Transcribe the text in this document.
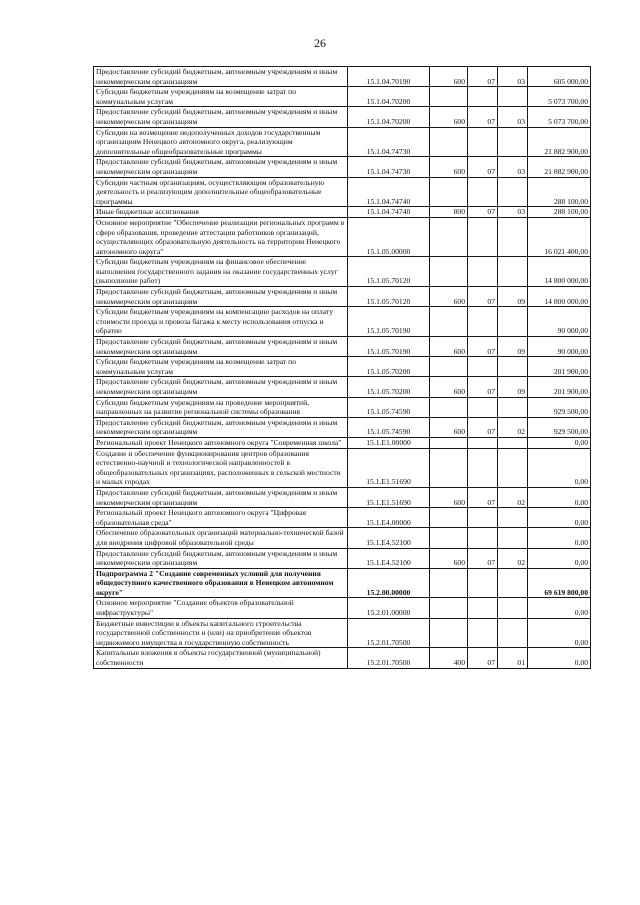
26
Предоставление субсидий бюджетным, автономным учреждениям и иным некоммерческим организациям	15.1.04.70190	600	07	03	605 000,00
Субсидии бюджетным учреждениям на возмещение затрат по коммунальным услугам	15.1.04.70200				5 073 700,00
Предоставление субсидий бюджетным, автономным учреждениям и иным некоммерческим организациям	15.1.04.70200	600	07	03	5 073 700,00
Субсидии на возмещение недополученных доходов государственным организациям Ненецкого автономного округа, реализующим дополнительные общеобразовательные программы	15.1.04.74730				21 882 900,00
Предоставление субсидий бюджетным, автономным учреждениям и иным некоммерческим организациям	15.1.04.74730	600	07	03	21 882 900,00
Субсидии частным организациям, осуществляющим образовательную деятельность и реализующим дополнительные общеобразовательные программы	15.1.04.74740				288 100,00
Иные бюджетные ассигнования	15.1.04.74740	800	07	03	288 100,00
Основное мероприятие "Обеспечение реализации региональных программ в сфере образования, проведение аттестации работников организаций, осуществляющих образовательную деятельность на территории Ненецкого автономного округа"	15.1.05.00000				16 021 400,00
Субсидии бюджетным учреждениям на финансовое обеспечение выполнения государственного задания на оказание государственных услуг (выполнение работ)	15.1.05.70120				14 800 000,00
Предоставление субсидий бюджетным, автономным учреждениям и иным некоммерческим организациям	15.1.05.70120	600	07	09	14 800 000,00
Субсидии бюджетным учреждениям на компенсацию расходов на оплату стоимости проезда и провоза багажа к месту использования отпуска и обратно	15.1.05.70190				90 000,00
Предоставление субсидий бюджетным, автономным учреждениям и иным некоммерческим организациям	15.1.05.70190	600	07	09	90 000,00
Субсидии бюджетным учреждениям на возмещение затрат по коммунальным услугам	15.1.05.70200				201 900,00
Предоставление субсидий бюджетным, автономным учреждениям и иным некоммерческим организациям	15.1.05.70200	600	07	09	201 900,00
Субсидии бюджетным учреждениям на проведение мероприятий, направленных на развитие региональной системы образования	15.1.05.74590				929 500,00
Предоставление субсидий бюджетным, автономным учреждениям и иным некоммерческим организациям	15.1.05.74590	600	07	02	929 500,00
Региональный проект Ненецкого автономного округа "Современная школа"	15.1.E1.00000				0,00
Создание и обеспечение функционирования центров образования естественно-научной и технологической направленностей в общеобразовательных организациях, расположенных в сельской местности и малых городах	15.1.E1.51690				0,00
Предоставление субсидий бюджетным, автономным учреждениям и иным некоммерческим организациям	15.1.E1.51690	600	07	02	0,00
Региональный проект Ненецкого автономного округа "Цифровая образовательная среда"	15.1.E4.00000				0,00
Обеспечение образовательных организаций материально-технической базой для внедрения цифровой образовательной среды	15.1.E4.52100				0,00
Предоставление субсидий бюджетным, автономным учреждениям и иным некоммерческим организациям	15.1.E4.52100	600	07	02	0,00
Подпрограмма 2 "Создание современных условий для получения общедоступного качественного образования в Ненецком автономном округе"	15.2.00.00000				69 619 800,00
Основное мероприятие "Создание объектов образовательной инфраструктуры"	15.2.01.00000				0,00
Бюджетные инвестиции в объекты капитального строительства государственной собственности и (или) на приобретение объектов недвижимого имущества в государственную собственность	15.2.01.70500				0,00
Капитальные вложения в объекты государственной (муниципальной) собственности	15.2.01.70500	400	07	01	0,00
